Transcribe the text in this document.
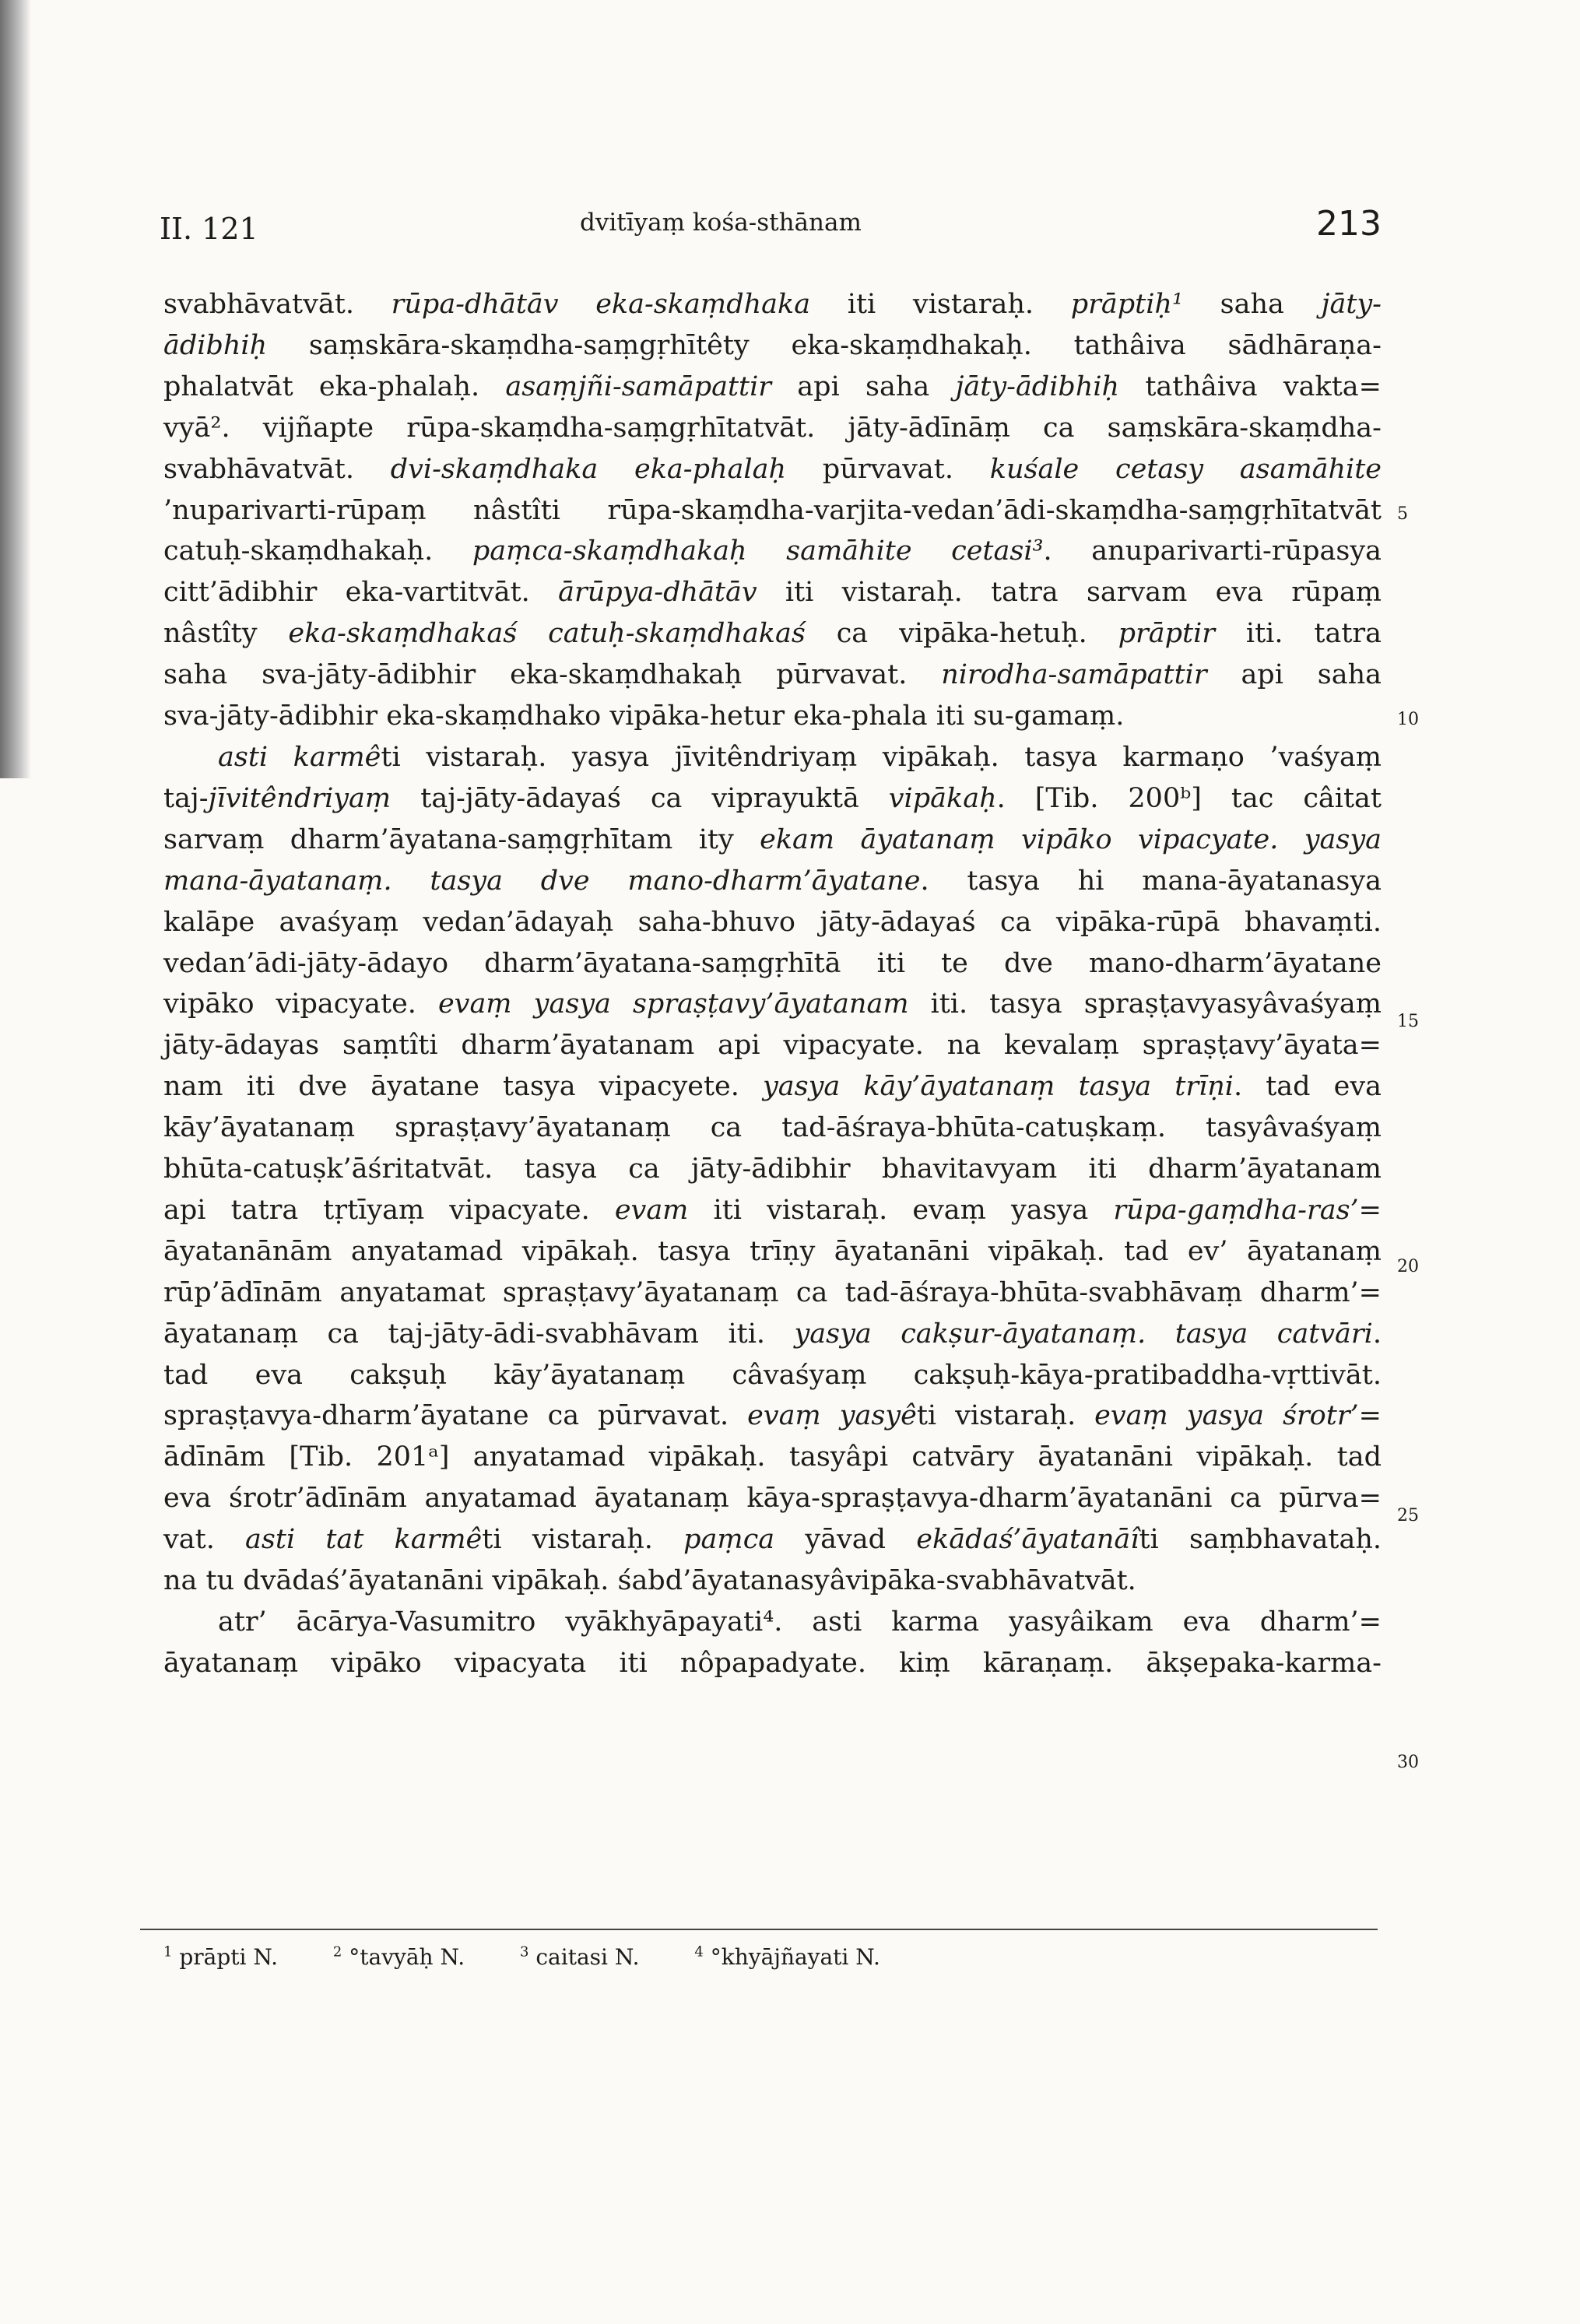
II. 121	dvitīyaṃ kośa-sthānam	213
svabhāvatvāt. rūpa-dhātāv eka-skaṃdhaka iti vistaraḥ. prāptiḥ¹ saha jāty-
ādibhiḥ saṃskāra-skaṃdha-saṃgṛhītêty eka-skaṃdhakaḥ. tathâiva sādhāraṇa-
phalatvāt eka-phalaḥ. asaṃjñi-samāpattir api saha jāty-ādibhiḥ tathâiva vakta=
vyā². vijñapte rūpa-skaṃdha-saṃgṛhītatvāt. jāty-ādīnāṃ ca saṃskāra-skaṃdha-
svabhāvatvāt. dvi-skaṃdhaka eka-phalaḥ pūrvavat. kuśale cetasy asamāhite
’nuparivarti-rūpaṃ nâstîti rūpa-skaṃdha-varjita-vedan’ādi-skaṃdha-saṃgṛhītatvāt
catuḥ-skaṃdhakaḥ. paṃca-skaṃdhakaḥ samāhite cetasi³. anuparivarti-rūpasya
citt’ādibhir eka-vartitvāt. ārūpya-dhātāv iti vistaraḥ. tatra sarvam eva rūpaṃ
nâstîty eka-skaṃdhakaś catuḥ-skaṃdhakaś ca vipāka-hetuḥ. prāptir iti. tatra
saha sva-jāty-ādibhir eka-skaṃdhakaḥ pūrvavat. nirodha-samāpattir api saha
sva-jāty-ādibhir eka-skaṃdhako vipāka-hetur eka-phala iti su-gamaṃ.
asti karmêti vistaraḥ. yasya jīvitêndriyaṃ vipākaḥ. tasya karmaṇo ’vaśyaṃ
taj-jīvitêndriyaṃ taj-jāty-ādayaś ca viprayuktā vipākaḥ. [Tib. 200ᵇ] tac câitat
sarvaṃ dharm’āyatana-saṃgṛhītam ity ekam āyatanaṃ vipāko vipacyate. yasya
mana-āyatanaṃ. tasya dve mano-dharm’āyatane. tasya hi mana-āyatanasya
kalāpe avaśyaṃ vedan’ādayaḥ saha-bhuvo jāty-ādayaś ca vipāka-rūpā bhavaṃti.
vedan’ādi-jāty-ādayo dharm’āyatana-saṃgṛhītā iti te dve mano-dharm’āyatane
vipāko vipacyate. evaṃ yasya spraṣṭavy’āyatanam iti. tasya spraṣṭavyasyâvaśyaṃ
jāty-ādayas saṃtîti dharm’āyatanam api vipacyate. na kevalaṃ spraṣṭavy’āyata=
nam iti dve āyatane tasya vipacyete. yasya kāy’āyatanaṃ tasya trīṇi. tad eva
kāy’āyatanaṃ spraṣṭavy’āyatanaṃ ca tad-āśraya-bhūta-catuṣkaṃ. tasyâvaśyaṃ
bhūta-catuṣk’āśritatvāt. tasya ca jāty-ādibhir bhavitavyam iti dharm’āyatanam
api tatra tṛtīyaṃ vipacyate. evam iti vistaraḥ. evaṃ yasya rūpa-gaṃdha-ras’=
āyatanānām anyatamad vipākaḥ. tasya trīṇy āyatanāni vipākaḥ. tad ev’ āyatanaṃ
rūp’ādīnām anyatamat spraṣṭavy’āyatanaṃ ca tad-āśraya-bhūta-svabhāvaṃ dharm’=
āyatanaṃ ca taj-jāty-ādi-svabhāvam iti. yasya cakṣur-āyatanaṃ. tasya catvāri.
tad eva cakṣuḥ kāy’āyatanaṃ câvaśyaṃ cakṣuḥ-kāya-pratibaddha-vṛttivāt.
spraṣṭavya-dharm’āyatane ca pūrvavat. evaṃ yasyêti vistaraḥ. evaṃ yasya śrotr’=
ādīnām [Tib. 201ᵃ] anyatamad vipākaḥ. tasyâpi catvāry āyatanāni vipākaḥ. tad
eva śrotr’ādīnām anyatamad āyatanaṃ kāya-spraṣṭavya-dharm’āyatanāni ca pūrva=
vat. asti tat karmêti vistaraḥ. paṃca yāvad ekādaś’āyatanāîti saṃbhavataḥ.
na tu dvādaś’āyatanāni vipākaḥ. śabd’āyatanasyâvipāka-svabhāvatvāt.
atr’ ācārya-Vasumitro vyākhyāpayati⁴. asti karma yasyâikam eva dharm’=
āyatanaṃ vipāko vipacyata iti nôpapadyate. kiṃ kāraṇaṃ. ākṣepaka-karma-
5
10
15
20
25
30
$^1$ prāpti N.	$^2$ °tavyāḥ N.	$^3$ caitasi N.	$^4$ °khyājñayati N.
